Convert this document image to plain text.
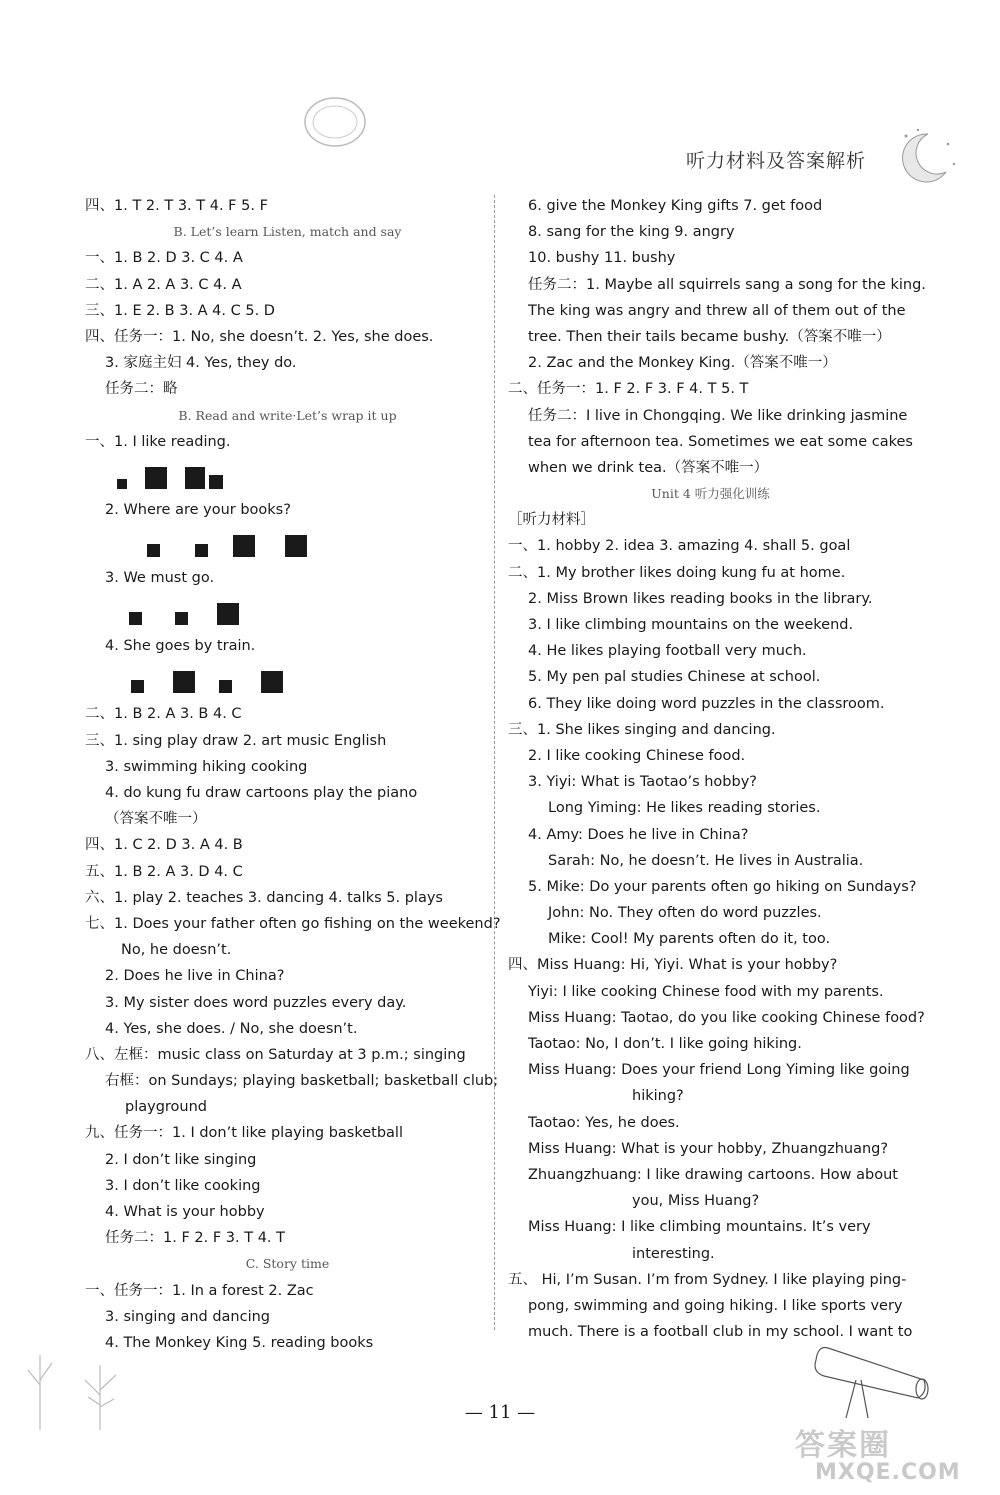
听力材料及答案解析
四、1. T 2. T 3. T 4. F 5. F
B. Let’s learn Listen, match and say
一、1. B 2. D 3. C 4. A
二、1. A 2. A 3. C 4. A
三、1. E 2. B 3. A 4. C 5. D
四、任务一：1. No, she doesn’t. 2. Yes, she does.
3. 家庭主妇 4. Yes, they do.
任务二：略
B. Read and write·Let’s wrap it up
一、1. I like reading.
2. Where are your books?
3. We must go.
4. She goes by train.
二、1. B 2. A 3. B 4. C
三、1. sing play draw 2. art music English
3. swimming hiking cooking
4. do kung fu draw cartoons play the piano
（答案不唯一）
四、1. C 2. D 3. A 4. B
五、1. B 2. A 3. D 4. C
六、1. play 2. teaches 3. dancing 4. talks 5. plays
七、1. Does your father often go fishing on the weekend?
No, he doesn’t.
2. Does he live in China?
3. My sister does word puzzles every day.
4. Yes, she does. / No, she doesn’t.
八、左框：music class on Saturday at 3 p.m.; singing
右框：on Sundays; playing basketball; basketball club;
playground
九、任务一：1. I don’t like playing basketball
2. I don’t like singing
3. I don’t like cooking
4. What is your hobby
任务二：1. F 2. F 3. T 4. T
C. Story time
一、任务一：1. In a forest 2. Zac
3. singing and dancing
4. The Monkey King 5. reading books
6. give the Monkey King gifts 7. get food
8. sang for the king 9. angry
10. bushy 11. bushy
任务二：1. Maybe all squirrels sang a song for the king.
The king was angry and threw all of them out of the
tree. Then their tails became bushy.（答案不唯一）
2. Zac and the Monkey King.（答案不唯一）
二、任务一：1. F 2. F 3. F 4. T 5. T
任务二：I live in Chongqing. We like drinking jasmine
tea for afternoon tea. Sometimes we eat some cakes
when we drink tea.（答案不唯一）
Unit 4 听力强化训练
［听力材料］
一、1. hobby 2. idea 3. amazing 4. shall 5. goal
二、1. My brother likes doing kung fu at home.
2. Miss Brown likes reading books in the library.
3. I like climbing mountains on the weekend.
4. He likes playing football very much.
5. My pen pal studies Chinese at school.
6. They like doing word puzzles in the classroom.
三、1. She likes singing and dancing.
2. I like cooking Chinese food.
3. Yiyi: What is Taotao’s hobby?
Long Yiming: He likes reading stories.
4. Amy: Does he live in China?
Sarah: No, he doesn’t. He lives in Australia.
5. Mike: Do your parents often go hiking on Sundays?
John: No. They often do word puzzles.
Mike: Cool! My parents often do it, too.
四、Miss Huang: Hi, Yiyi. What is your hobby?
Yiyi: I like cooking Chinese food with my parents.
Miss Huang: Taotao, do you like cooking Chinese food?
Taotao: No, I don’t. I like going hiking.
Miss Huang: Does your friend Long Yiming like going
hiking?
Taotao: Yes, he does.
Miss Huang: What is your hobby, Zhuangzhuang?
Zhuangzhuang: I like drawing cartoons. How about
you, Miss Huang?
Miss Huang: I like climbing mountains. It’s very
interesting.
五、 Hi, I’m Susan. I’m from Sydney. I like playing ping-
pong, swimming and going hiking. I like sports very
much. There is a football club in my school. I want to
— 11 —
答案圈
MXQE.COM
